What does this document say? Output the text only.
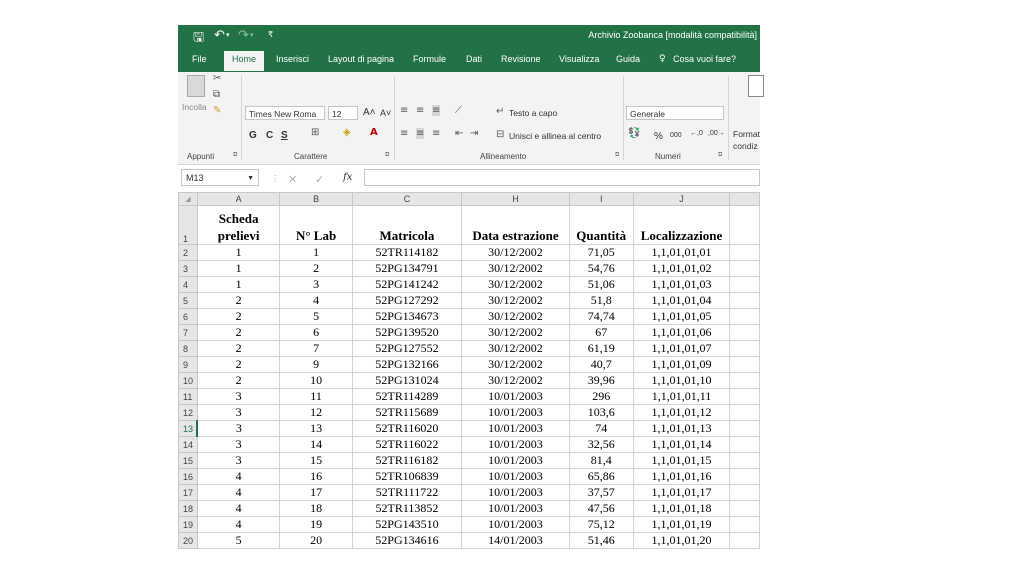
🖫 ↶ ▾ ↷ ▾ ₹	Archivio Zoobanca [modalità compatibilità]
File	Home	Inserisci Layout di pagina Formule Dati Revisione Visualizza Guida ♀ Cosa vuoi fare?
✂
⧉
✎
Incolla
Appunti	⧉
Times New Roma	12	A˄ A˅
G C S ⊞ ◈ A
Carattere	⧉
≡ ≡ ≡ ⟋
≡ ≡ ≡ ⇤ ⇥
↵ Testo a capo
⊟ Unisci e allinea al centro
Allineamento	⧉
Generale
💱 % 000 ←,0 ,00→
Numeri	⧉
Format
condiz
M13	▼ ⋮ ✕ ✓ fx
◢	A	B	C	H	I	J	
1	Scheda
prelievi	N° Lab	Matricola	Data estrazione	Quantità	Localizzazione	
2	1	1	52TR114182	30/12/2002	71,05	1,1,01,01,01	
3	1	2	52PG134791	30/12/2002	54,76	1,1,01,01,02	
4	1	3	52PG141242	30/12/2002	51,06	1,1,01,01,03	
5	2	4	52PG127292	30/12/2002	51,8	1,1,01,01,04	
6	2	5	52PG134673	30/12/2002	74,74	1,1,01,01,05	
7	2	6	52PG139520	30/12/2002	67	1,1,01,01,06	
8	2	7	52PG127552	30/12/2002	61,19	1,1,01,01,07	
9	2	9	52PG132166	30/12/2002	40,7	1,1,01,01,09	
10	2	10	52PG131024	30/12/2002	39,96	1,1,01,01,10	
11	3	11	52TR114289	10/01/2003	296	1,1,01,01,11	
12	3	12	52TR115689	10/01/2003	103,6	1,1,01,01,12	
13	3	13	52TR116020	10/01/2003	74	1,1,01,01,13	
14	3	14	52TR116022	10/01/2003	32,56	1,1,01,01,14	
15	3	15	52TR116182	10/01/2003	81,4	1,1,01,01,15	
16	4	16	52TR106839	10/01/2003	65,86	1,1,01,01,16	
17	4	17	52TR111722	10/01/2003	37,57	1,1,01,01,17	
18	4	18	52TR113852	10/01/2003	47,56	1,1,01,01,18	
19	4	19	52PG143510	10/01/2003	75,12	1,1,01,01,19	
20	5	20	52PG134616	14/01/2003	51,46	1,1,01,01,20	
